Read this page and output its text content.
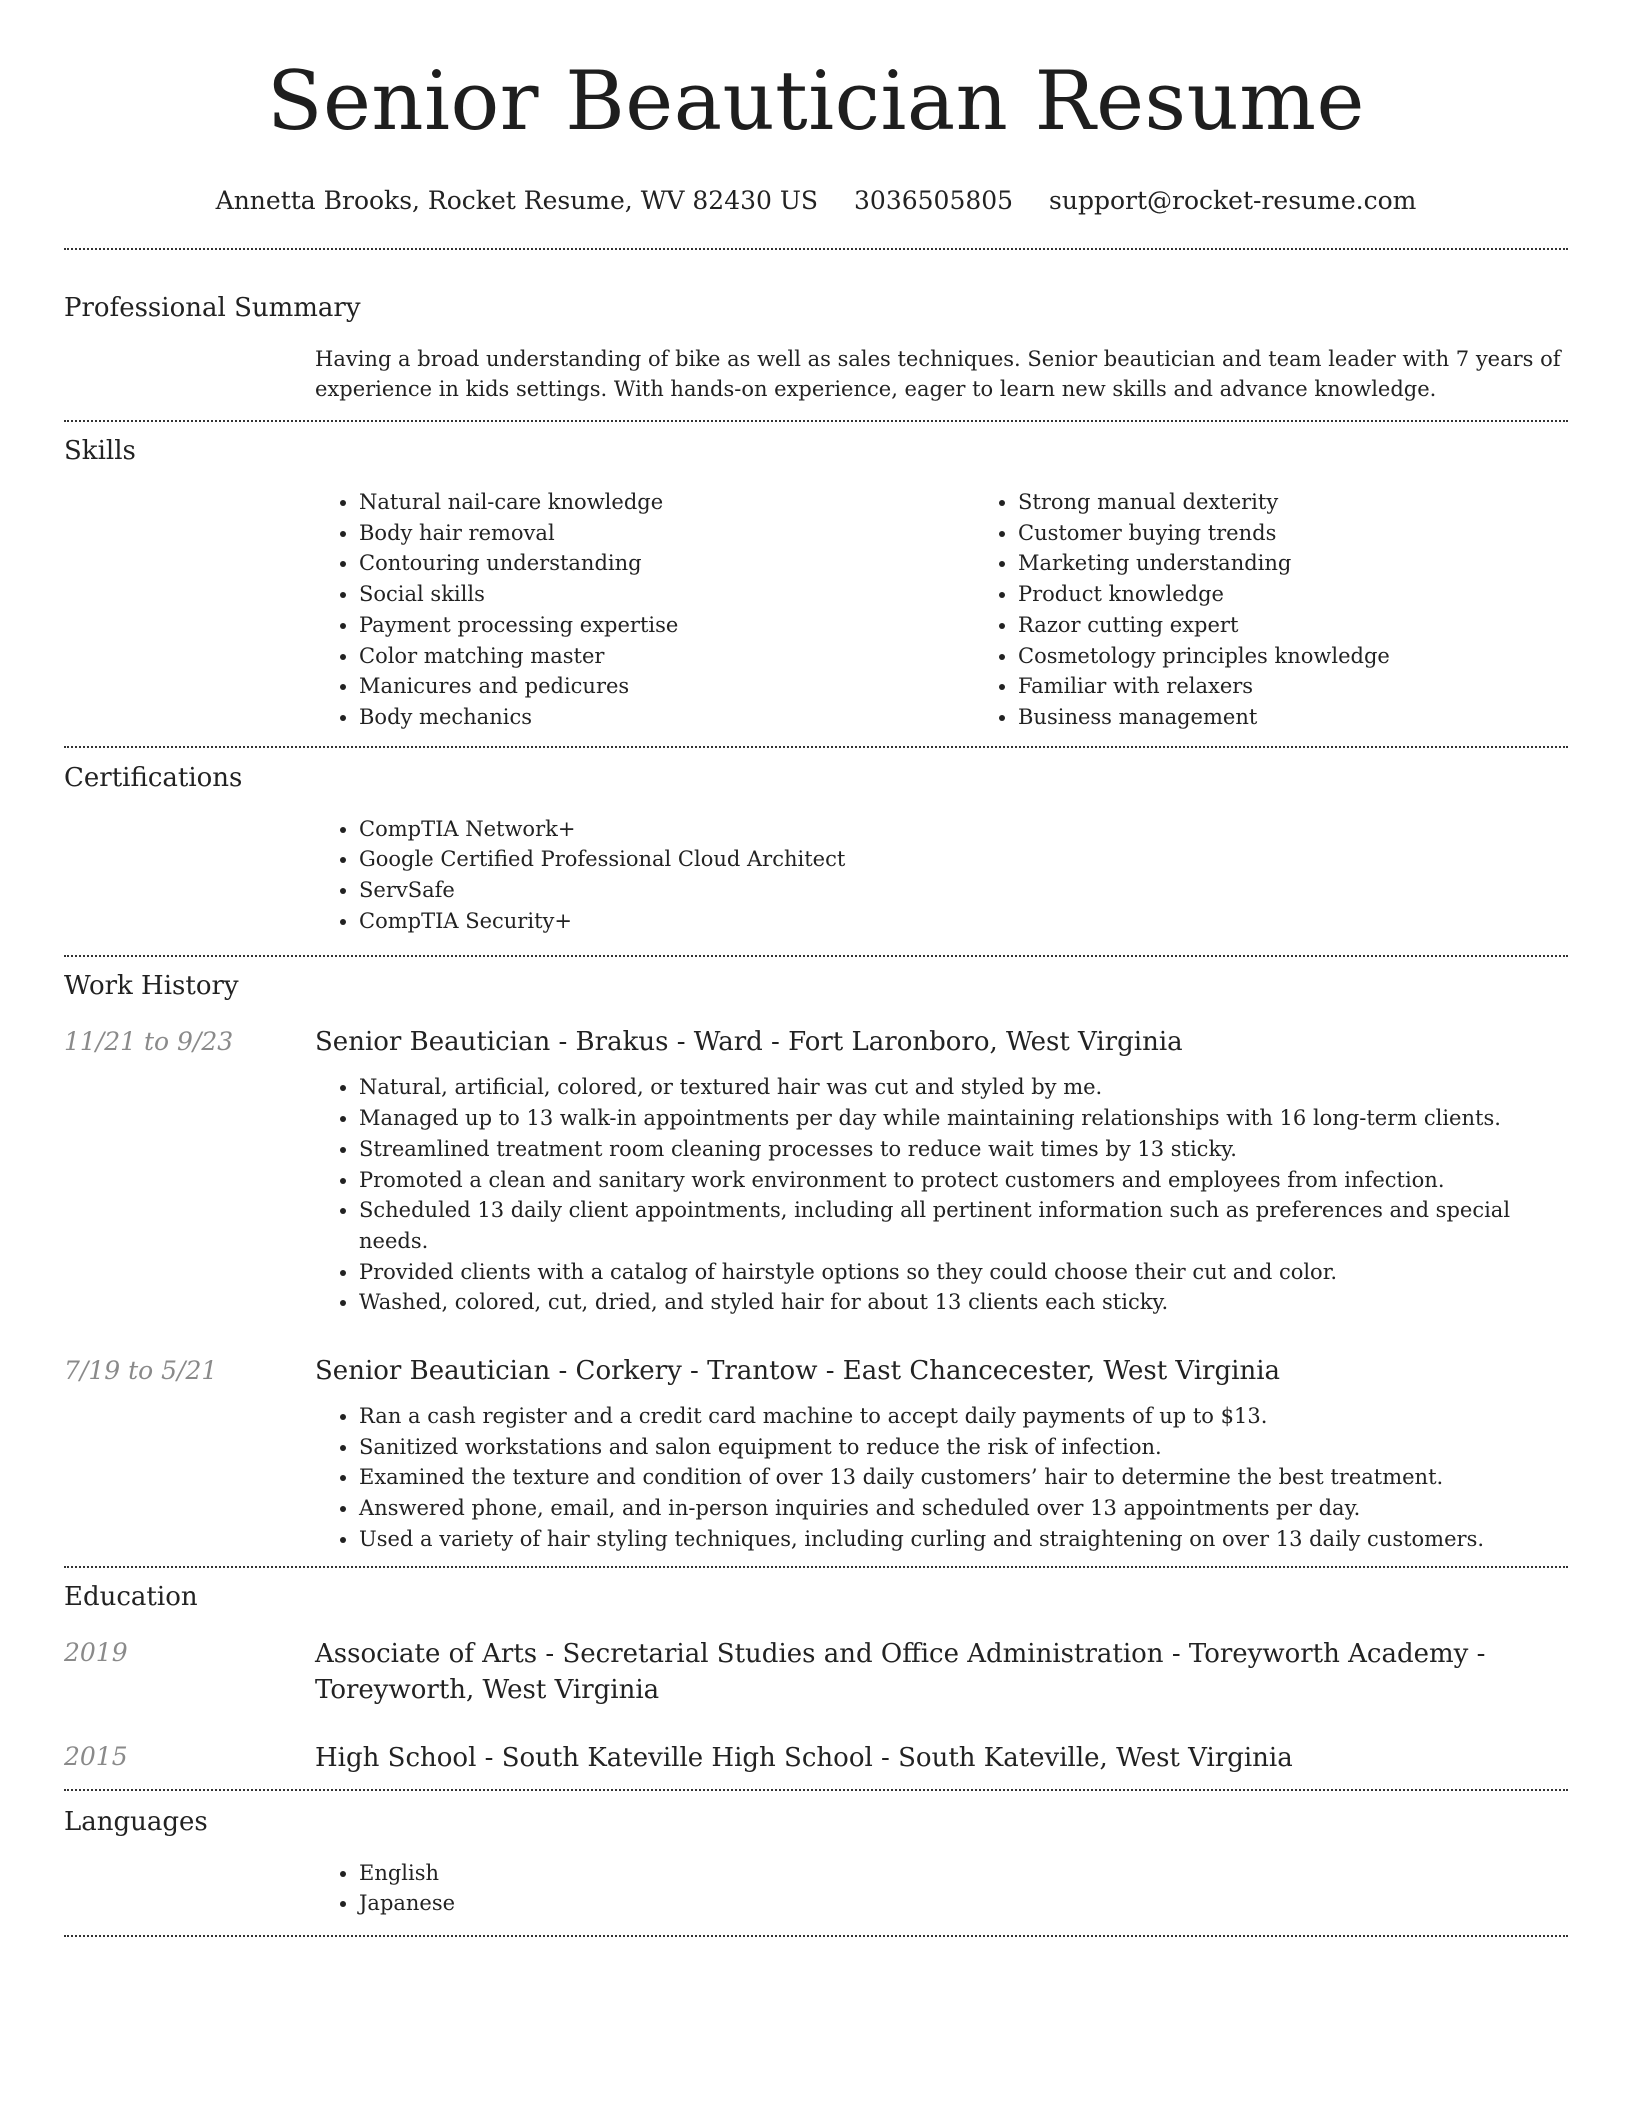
Senior Beautician Resume
Annetta Brooks, Rocket Resume, WV 82430 US 3036505805 support@rocket-resume.com
Professional Summary

Having a broad understanding of bike as well as sales techniques. Senior beautician and team leader with 7 years of experience in kids settings. With hands-on experience, eager to learn new skills and advance knowledge.

Skills
• Natural nail-care knowledge
• Body hair removal
• Contouring understanding
• Social skills
• Payment processing expertise
• Color matching master
• Manicures and pedicures
• Body mechanics
• Strong manual dexterity
• Customer buying trends
• Marketing understanding
• Product knowledge
• Razor cutting expert
• Cosmetology principles knowledge
• Familiar with relaxers
• Business management
Certifications
• CompTIA Network+
• Google Certified Professional Cloud Architect
• ServSafe
• CompTIA Security+
Work History
11/21 to 9/23	Senior Beautician - Brakus - Ward - Fort Laronboro, West Virginia
• Natural, artificial, colored, or textured hair was cut and styled by me.
• Managed up to 13 walk-in appointments per day while maintaining relationships with 16 long-term clients.
• Streamlined treatment room cleaning processes to reduce wait times by 13 sticky.
• Promoted a clean and sanitary work environment to protect customers and employees from infection.
• Scheduled 13 daily client appointments, including all pertinent information such as preferences and special needs.
• Provided clients with a catalog of hairstyle options so they could choose their cut and color.
• Washed, colored, cut, dried, and styled hair for about 13 clients each sticky.
7/19 to 5/21	Senior Beautician - Corkery - Trantow - East Chancecester, West Virginia
• Ran a cash register and a credit card machine to accept daily payments of up to $13.
• Sanitized workstations and salon equipment to reduce the risk of infection.
• Examined the texture and condition of over 13 daily customers’ hair to determine the best treatment.
• Answered phone, email, and in-person inquiries and scheduled over 13 appointments per day.
• Used a variety of hair styling techniques, including curling and straightening on over 13 daily customers.
Education
2019	Associate of Arts - Secretarial Studies and Office Administration - Toreyworth Academy - Toreyworth, West Virginia
2015	High School - South Kateville High School - South Kateville, West Virginia
Languages
• English
• Japanese
